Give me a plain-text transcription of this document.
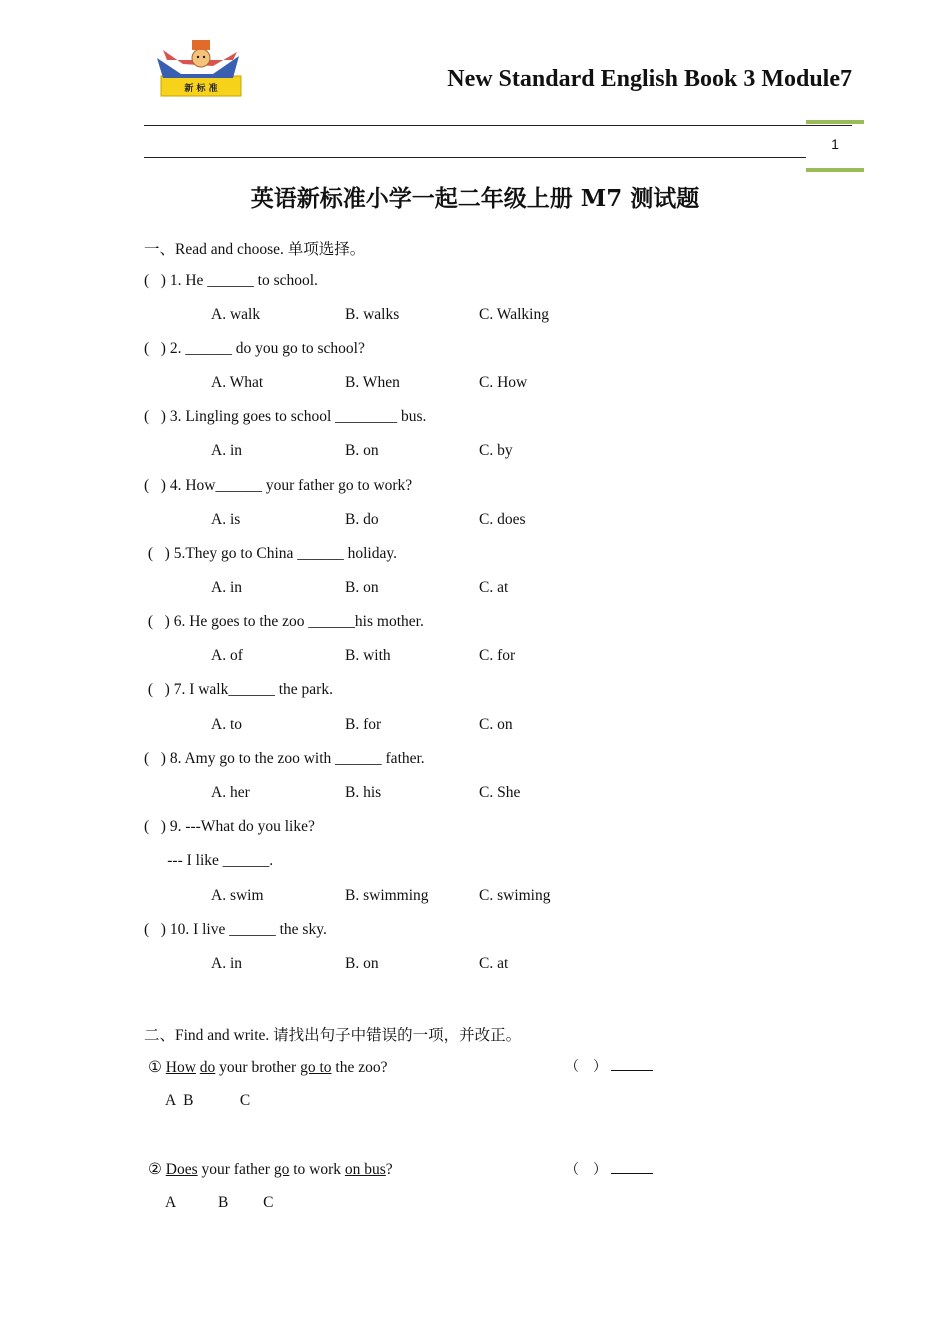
新 标 准	New Standard English Book 3 Module7
1
英语新标准小学一起二年级上册 M7 测试题
一、Read and choose. 单项选择。
(   ) 1. He ______ to school.
A. walk	B. walks	C. Walking
(   ) 2. ______ do you go to school?
A. What	B. When	C. How
(   ) 3. Lingling goes to school ________ bus.
A. in	B. on	C. by
(   ) 4. How______ your father go to work?
A. is	B. do	C. does
(   ) 5.They go to China ______ holiday.
A. in	B. on	C. at
(   ) 6. He goes to the zoo ______his mother.
A. of	B. with	C. for
(   ) 7. I walk______ the park.
A. to	B. for	C. on
(   ) 8. Amy go to the zoo with ______ father.
A. her	B. his	C. She
(   ) 9. ---What do you like?
--- I like ______.
A. swim	B. swimming	C. swiming
(   ) 10. I live ______ the sky.
A. in	B. on	C. at
二、Find and write. 请找出句子中错误的一项，并改正。
① How do your brother go to the zoo?	（    ）
A  B            C
② Does your father go to work on bus?	（    ）
A           B         C
